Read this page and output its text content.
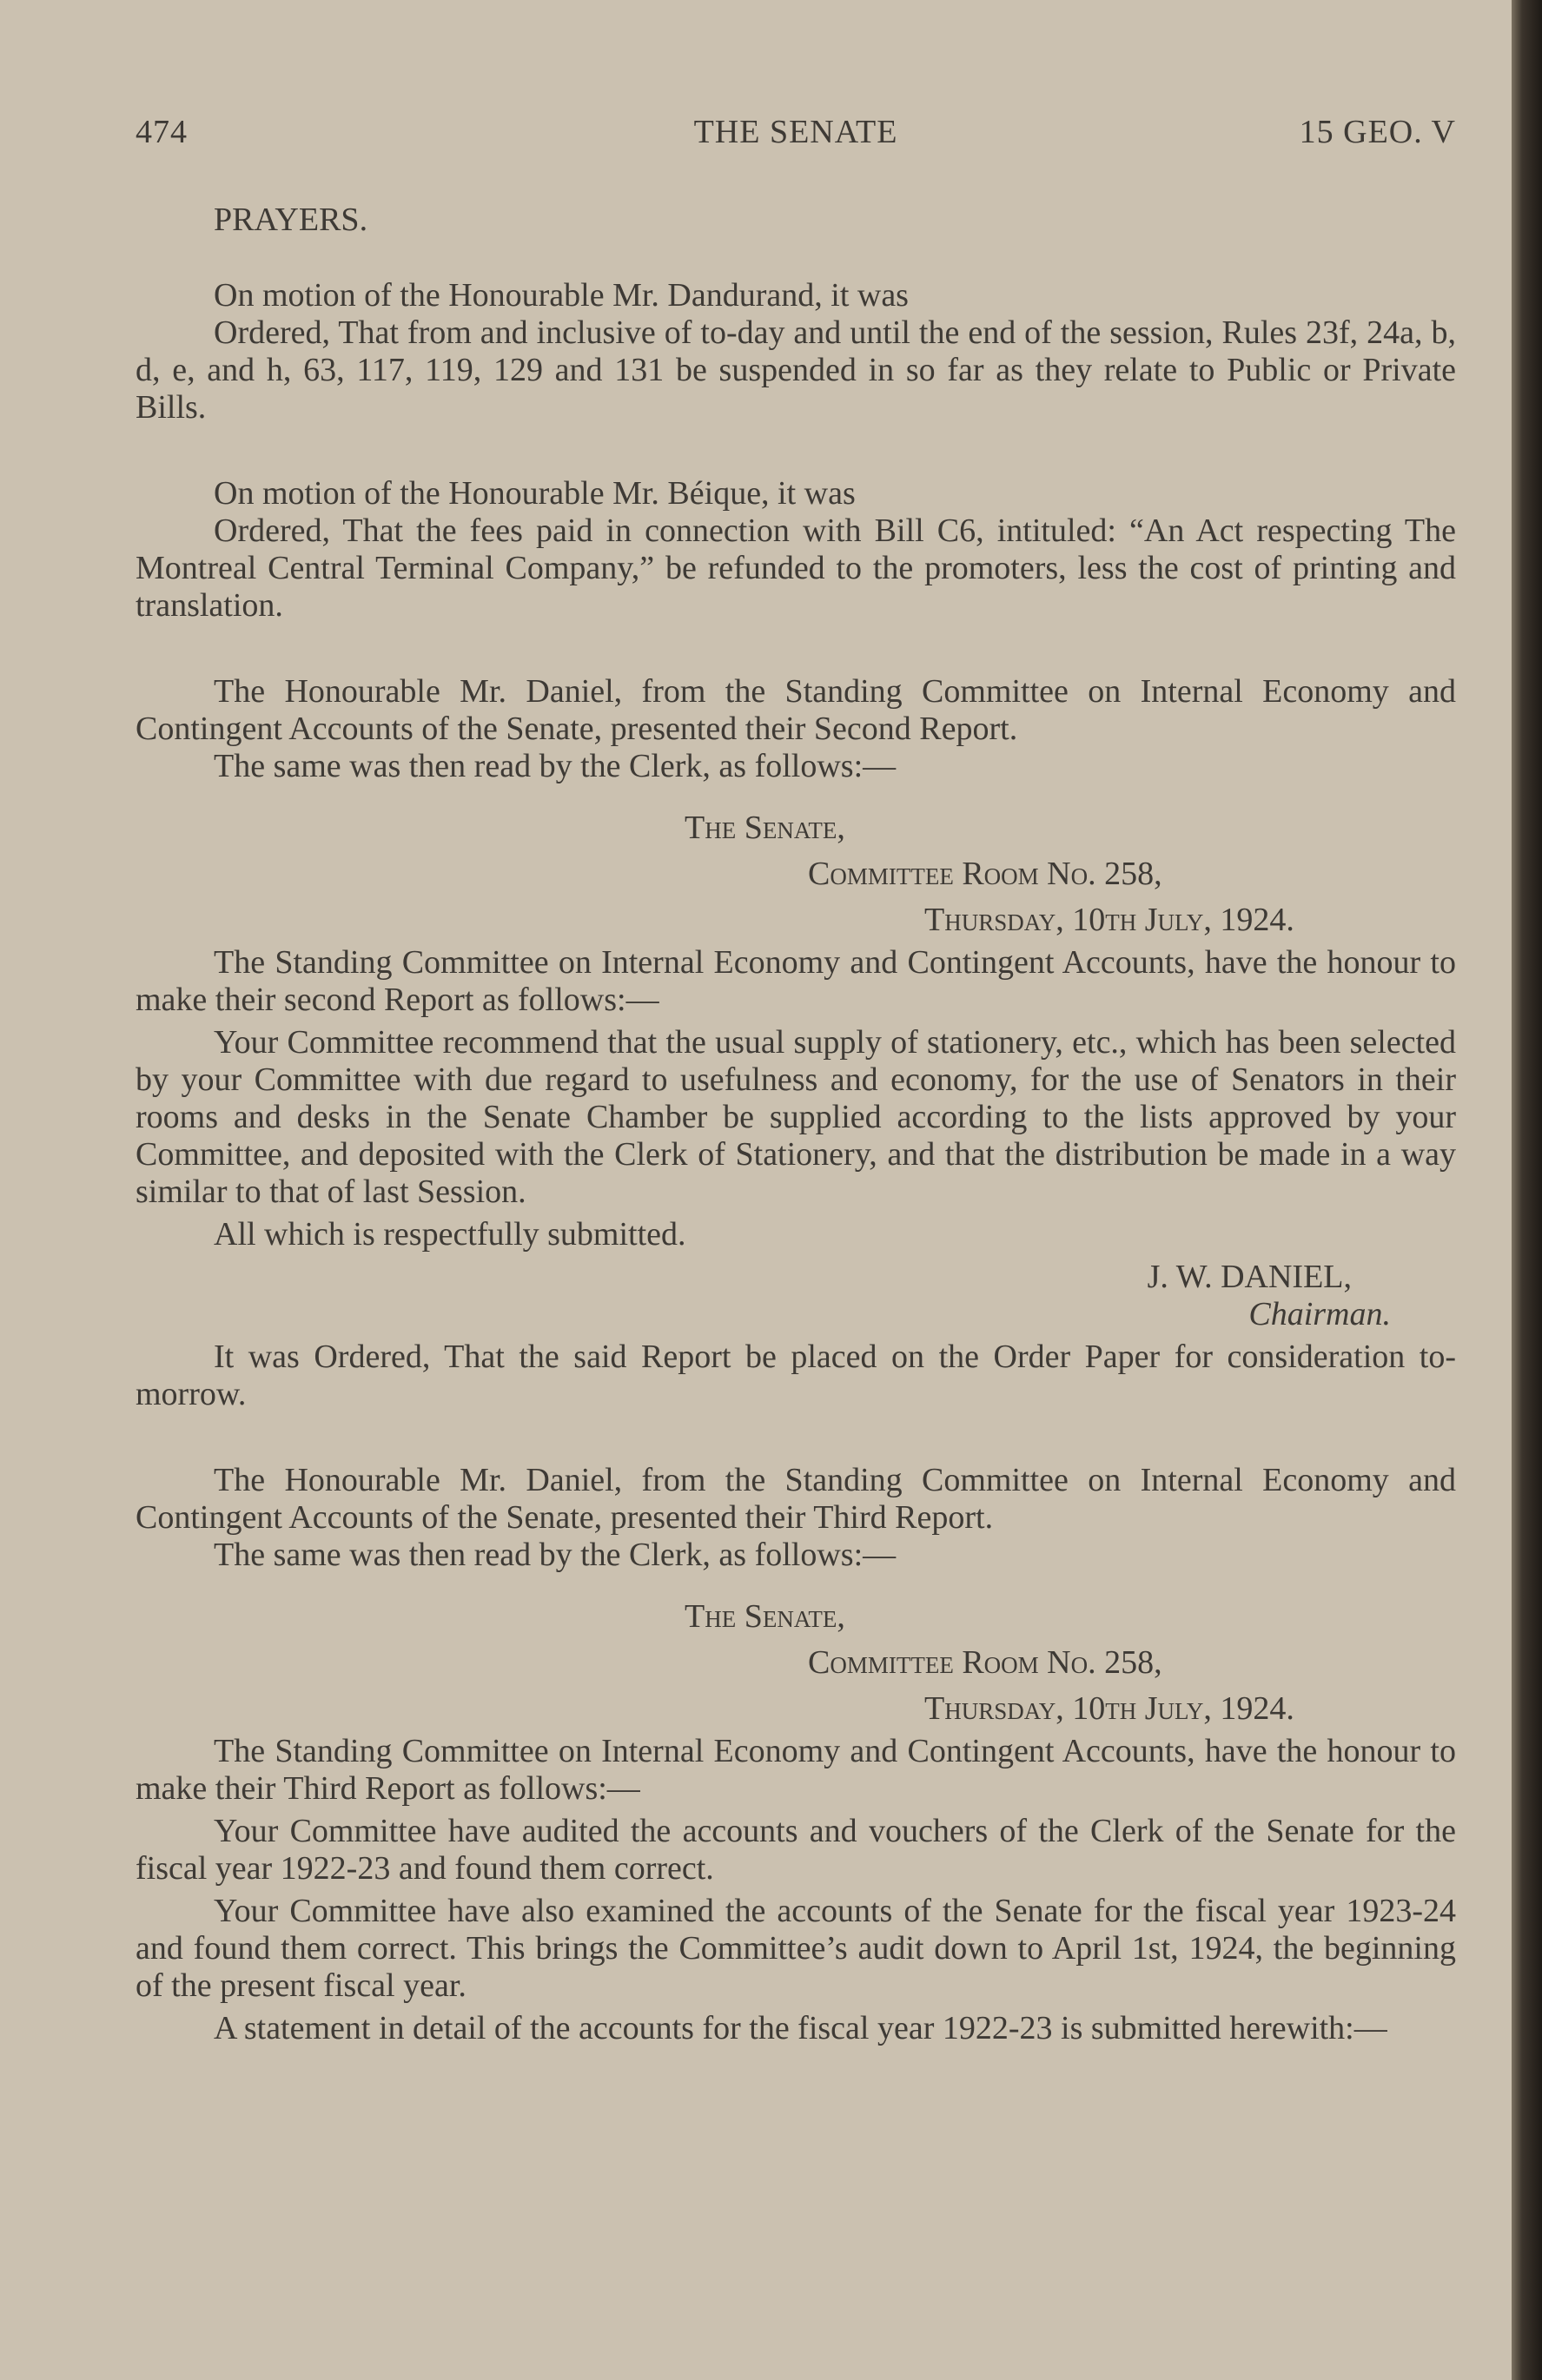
474	THE SENATE	15 GEO. V
PRAYERS.

On motion of the Honourable Mr. Dandurand, it was

Ordered, That from and inclusive of to-day and until the end of the session, Rules 23f, 24a, b, d, e, and h, 63, 117, 119, 129 and 131 be suspended in so far as they relate to Public or Private Bills.

On motion of the Honourable Mr. Béique, it was

Ordered, That the fees paid in connection with Bill C6, intituled: “An Act respecting The Montreal Central Terminal Company,” be refunded to the promoters, less the cost of printing and translation.

The Honourable Mr. Daniel, from the Standing Committee on Internal Economy and Contingent Accounts of the Senate, presented their Second Report.

The same was then read by the Clerk, as follows:—

The Senate,

Committee Room No. 258,

Thursday, 10th July, 1924.

The Standing Committee on Internal Economy and Contingent Accounts, have the honour to make their second Report as follows:—

Your Committee recommend that the usual supply of stationery, etc., which has been selected by your Committee with due regard to usefulness and economy, for the use of Senators in their rooms and desks in the Senate Chamber be supplied according to the lists approved by your Committee, and deposited with the Clerk of Stationery, and that the distribution be made in a way similar to that of last Session.

All which is respectfully submitted.

J. W. DANIEL,

Chairman.

It was Ordered, That the said Report be placed on the Order Paper for consideration to-morrow.

The Honourable Mr. Daniel, from the Standing Committee on Internal Economy and Contingent Accounts of the Senate, presented their Third Report.

The same was then read by the Clerk, as follows:—

The Senate,

Committee Room No. 258,

Thursday, 10th July, 1924.

The Standing Committee on Internal Economy and Contingent Accounts, have the honour to make their Third Report as follows:—

Your Committee have audited the accounts and vouchers of the Clerk of the Senate for the fiscal year 1922-23 and found them correct.

Your Committee have also examined the accounts of the Senate for the fiscal year 1923-24 and found them correct. This brings the Committee’s audit down to April 1st, 1924, the beginning of the present fiscal year.

A statement in detail of the accounts for the fiscal year 1922-23 is submitted herewith:—
